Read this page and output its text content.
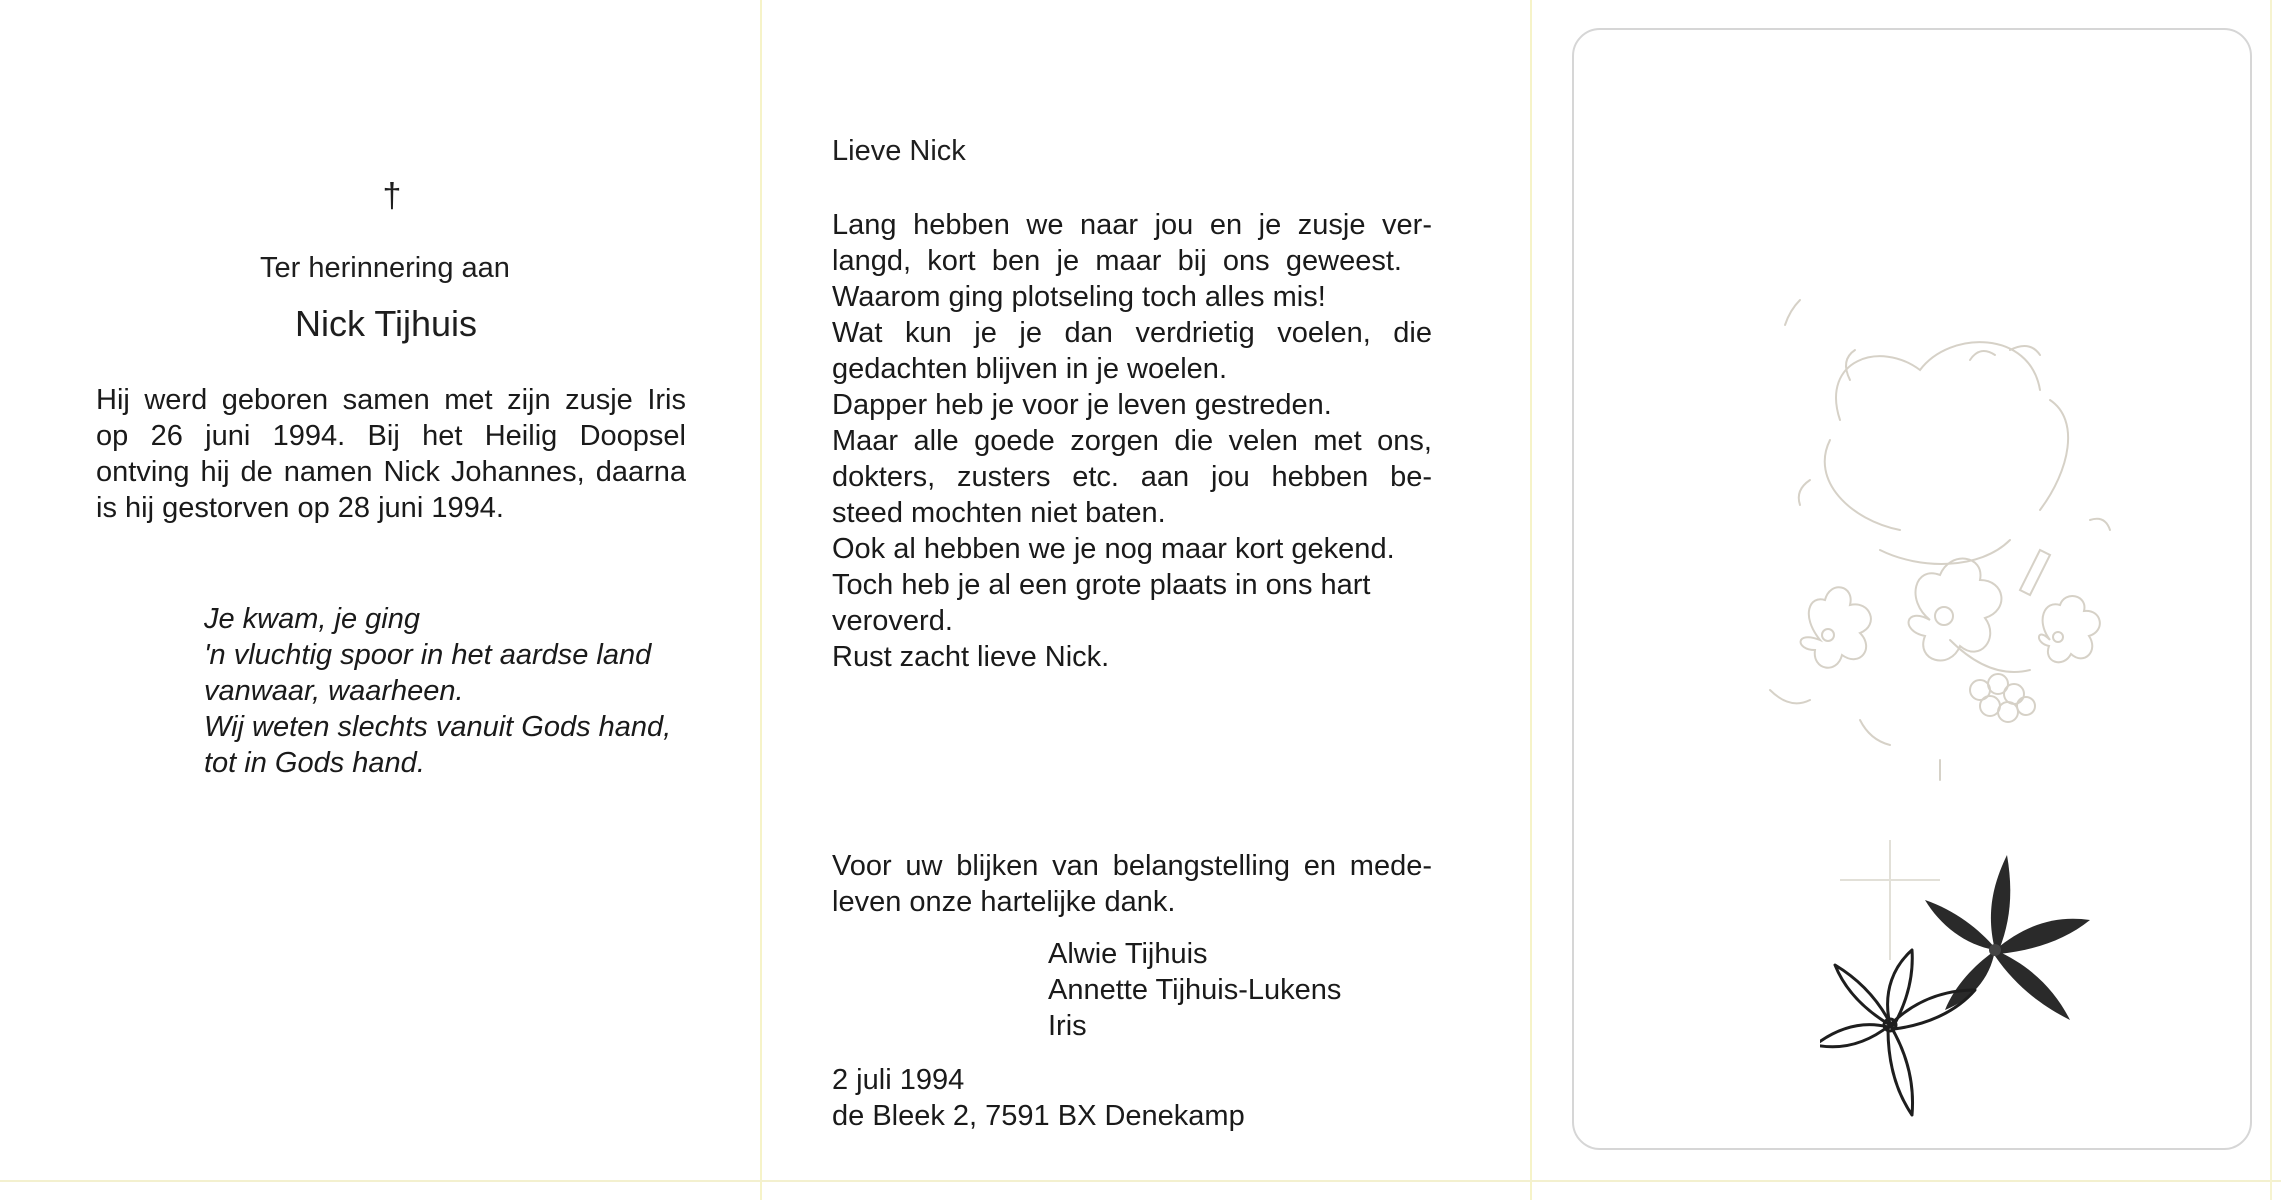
†
Ter herinnering aan
Nick Tijhuis
Hij werd geboren samen met zijn zusje Iris
op 26 juni 1994. Bij het Heilig Doopsel
ontving hij de namen Nick Johannes, daarna
is hij gestorven op 28 juni 1994.
Je kwam, je ging
'n vluchtig spoor in het aardse land
vanwaar, waarheen.
Wij weten slechts vanuit Gods hand,
tot in Gods hand.
Lieve Nick
Lang hebben we naar jou en je zusje ver-
langd, kort ben je maar bij ons geweest.
Waarom ging plotseling toch alles mis!
Wat kun je je dan verdrietig voelen, die
gedachten blijven in je woelen.
Dapper heb je voor je leven gestreden.
Maar alle goede zorgen die velen met ons,
dokters, zusters etc. aan jou hebben be-
steed mochten niet baten.
Ook al hebben we je nog maar kort gekend.
Toch heb je al een grote plaats in ons hart
veroverd.
Rust zacht lieve Nick.
Voor uw blijken van belangstelling en mede-
leven onze hartelijke dank.
Alwie Tijhuis
Annette Tijhuis-Lukens
Iris
2 juli 1994
de Bleek 2, 7591 BX Denekamp
